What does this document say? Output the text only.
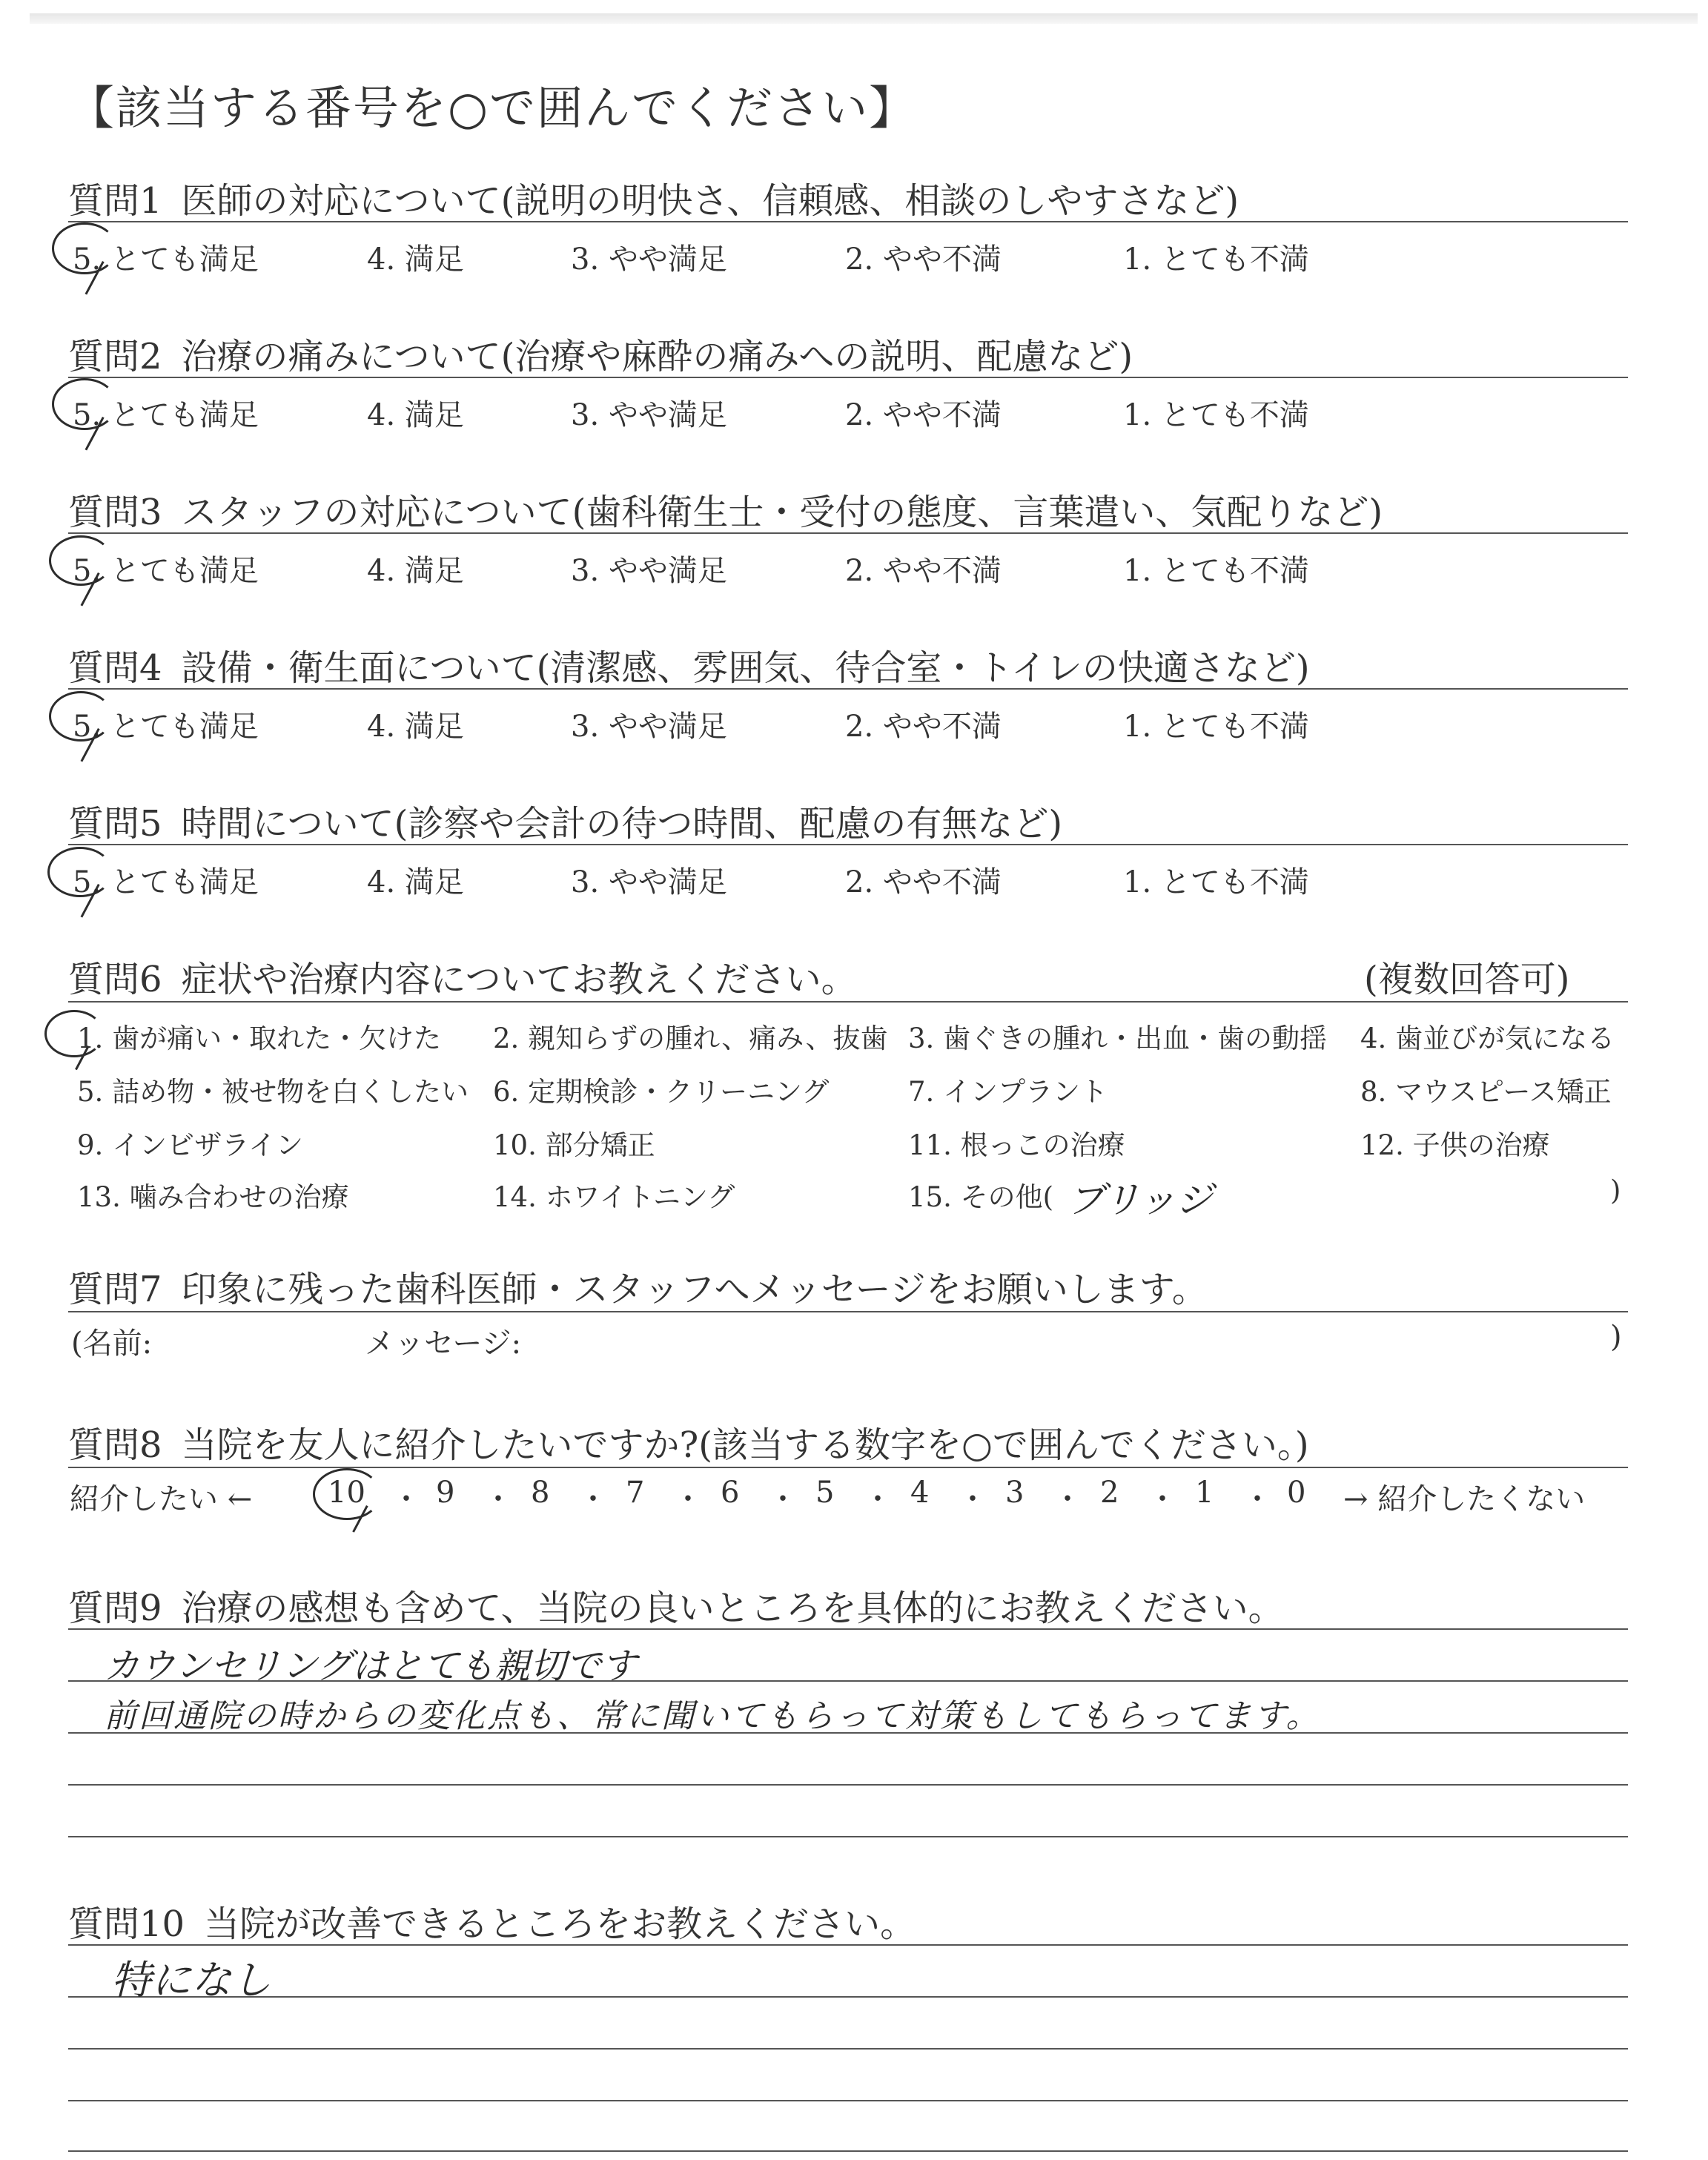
【該当する番号を○で囲んでください】
質問1 医師の対応について(説明の明快さ、信頼感、相談のしやすさなど)
5. とても満足	4. 満足	3. やや満足	2. やや不満	1. とても不満
質問2 治療の痛みについて(治療や麻酔の痛みへの説明、配慮など)
5. とても満足	4. 満足	3. やや満足	2. やや不満	1. とても不満
質問3 スタッフの対応について(歯科衛生士・受付の態度、言葉遣い、気配りなど)
5. とても満足	4. 満足	3. やや満足	2. やや不満	1. とても不満
質問4 設備・衛生面について(清潔感、雰囲気、待合室・トイレの快適さなど)
5. とても満足	4. 満足	3. やや満足	2. やや不満	1. とても不満
質問5 時間について(診察や会計の待つ時間、配慮の有無など)
5. とても満足	4. 満足	3. やや満足	2. やや不満	1. とても不満
質問6 症状や治療内容についてお教えください。	(複数回答可)
1. 歯が痛い・取れた・欠けた 2. 親知らずの腫れ、痛み、抜歯 3. 歯ぐきの腫れ・出血・歯の動揺 4. 歯並びが気になる
5. 詰め物・被せ物を白くしたい 6. 定期検診・クリーニング	7. インプラント	8. マウスピース矯正
9. インビザライン	10. 部分矯正	11. 根っこの治療	12. 子供の治療
13. 噛み合わせの治療	14. ホワイトニング	15. その他(	)
ブリッジ
質問7 印象に残った歯科医師・スタッフへメッセージをお願いします。
(名前:	メッセージ:	)
質問8 当院を友人に紹介したいですか?(該当する数字を○で囲んでください。)
紹介したい ←	→ 紹介したくない
10 ・ 9 ・ 8 ・ 7 ・ 6 ・ 5 ・ 4 ・ 3 ・ 2 ・ 1 ・ 0
質問9 治療の感想も含めて、当院の良いところを具体的にお教えください。
カウンセリングはとても親切です
前回通院の時からの変化点も、常に聞いてもらって対策もしてもらってます。
質問10 当院が改善できるところをお教えください。
特になし
